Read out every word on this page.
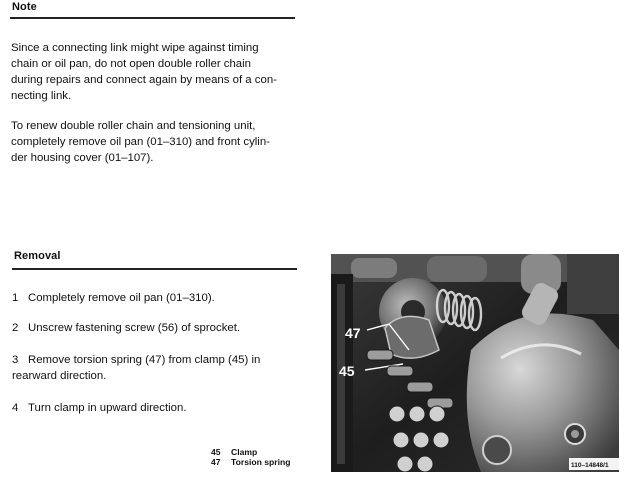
Note
Since a connecting link might wipe against timing
chain or oil pan, do not open double roller chain
during repairs and connect again by means of a con-
necting link.
To renew double roller chain and tensioning unit,
completely remove oil pan (01–310) and front cylin-
der housing cover (01–107).
Removal
1 Completely remove oil pan (01–310).
2 Unscrew fastening screw (56) of sprocket.
3 Remove torsion spring (47) from clamp (45) in
rearward direction.
4 Turn clamp in upward direction.
45 Clamp
47 Torsion spring
47
45
110–14848/1
